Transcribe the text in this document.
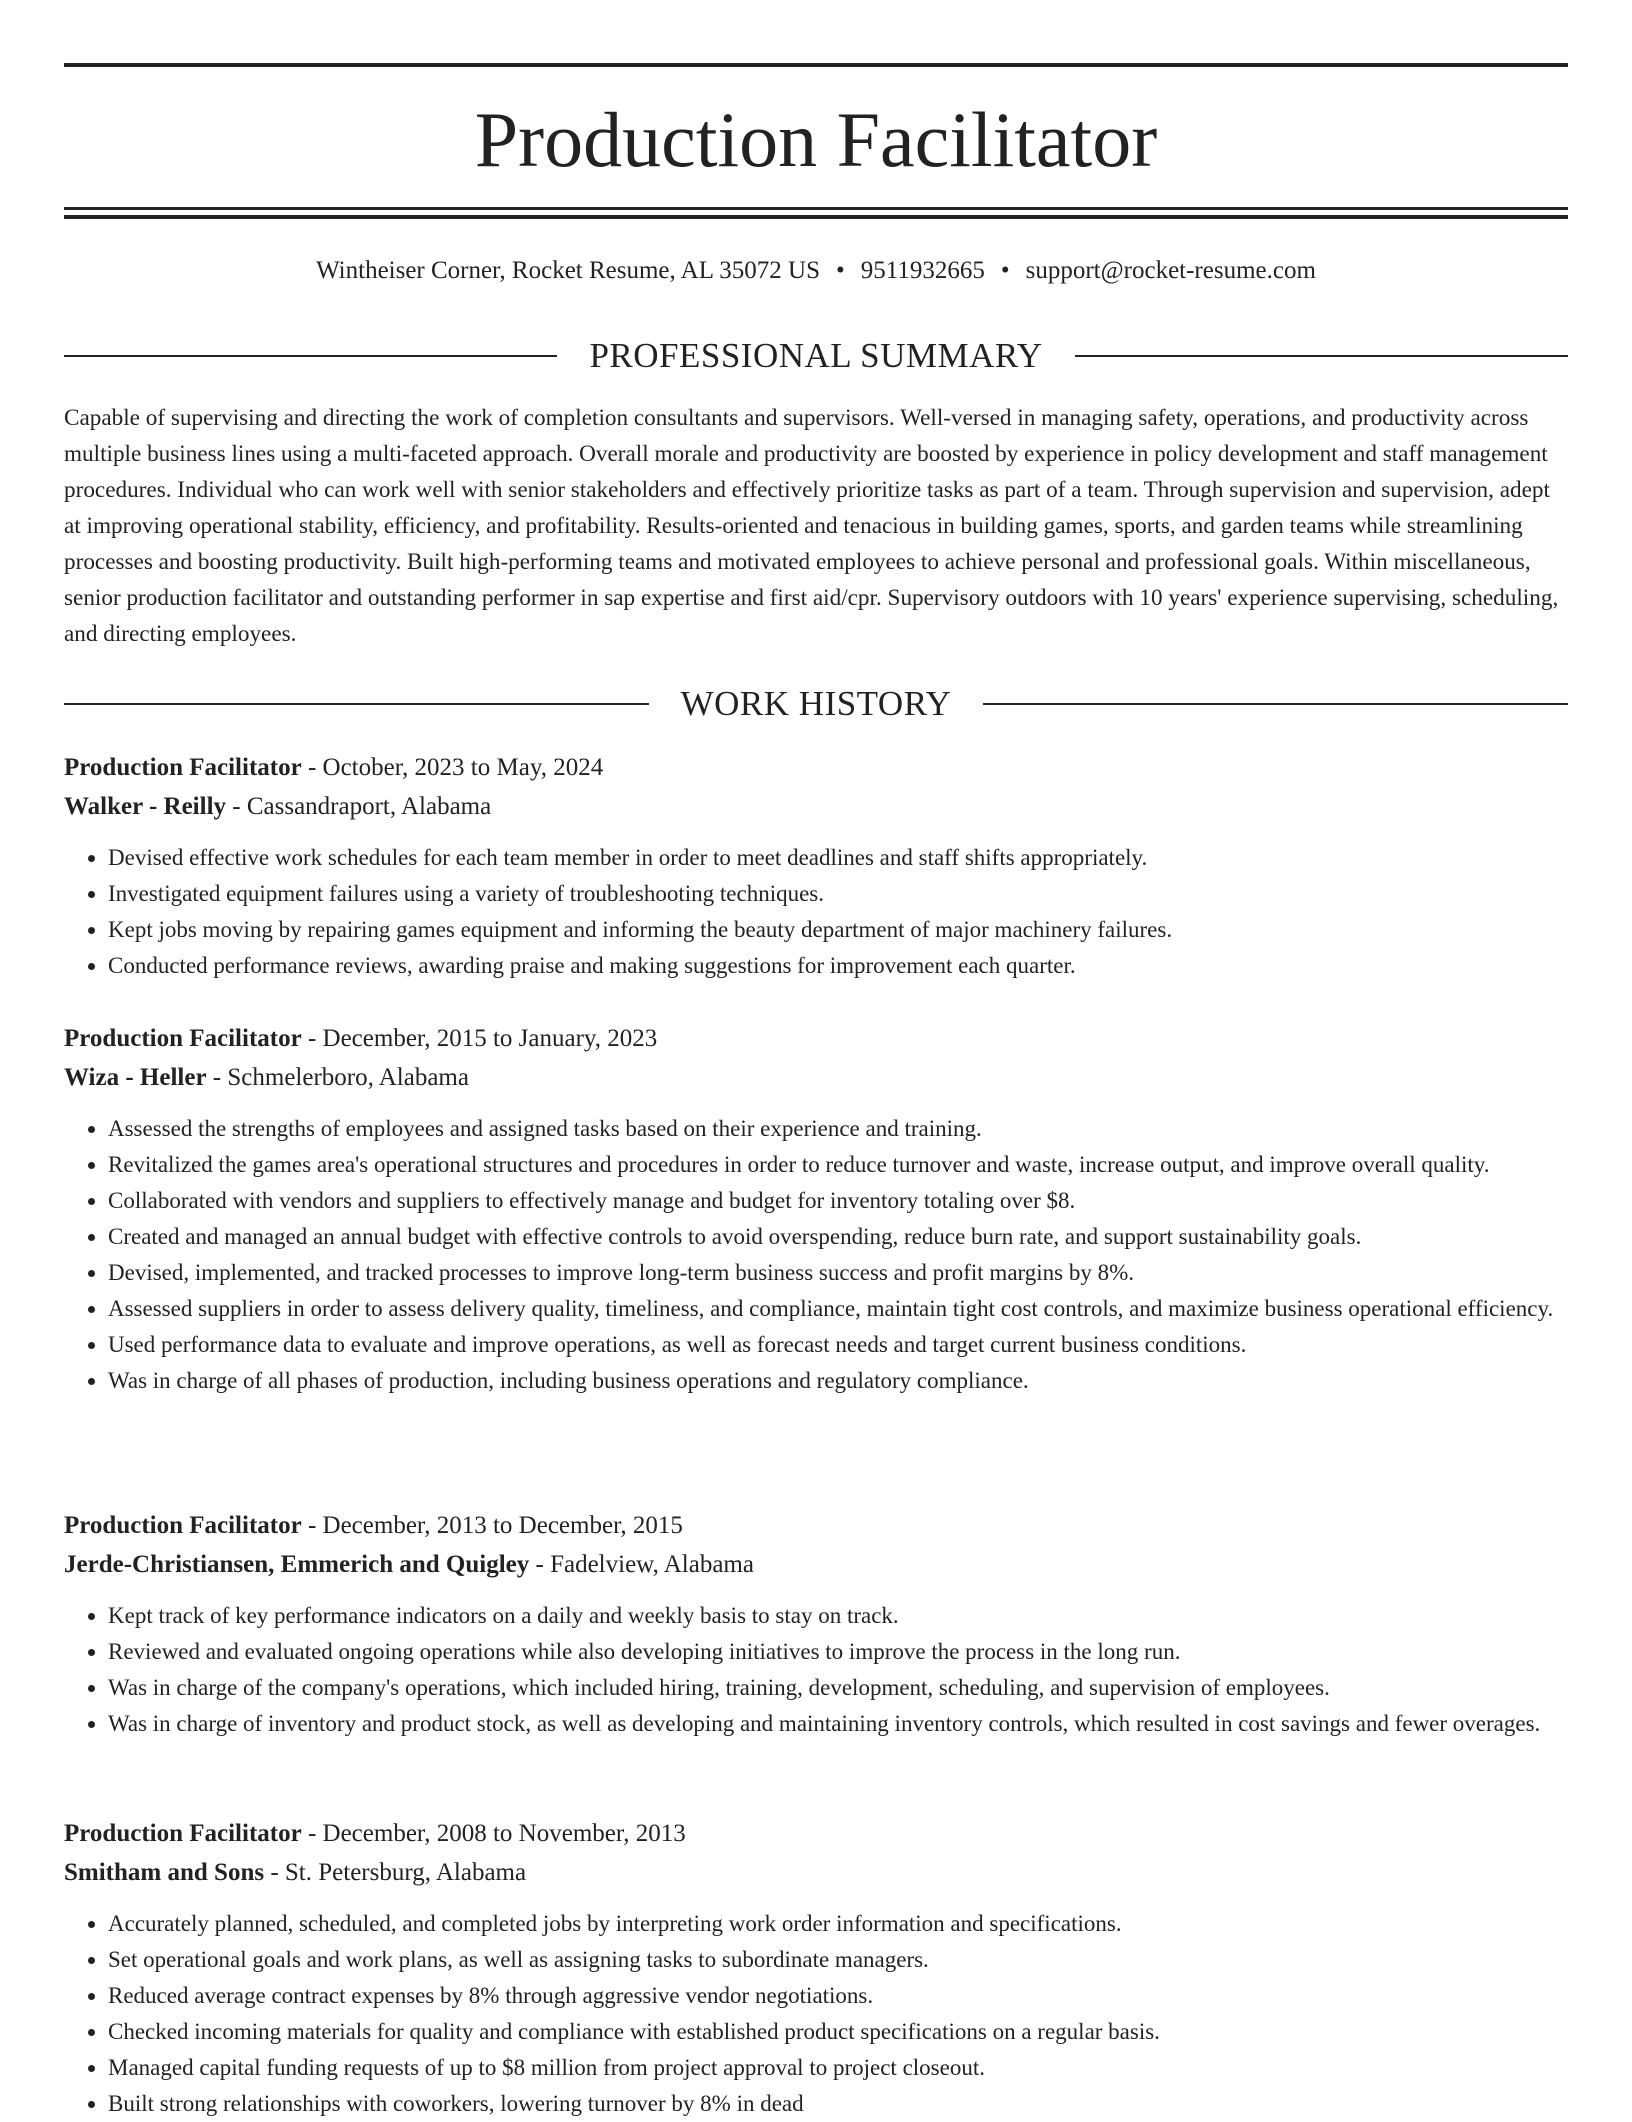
Production Facilitator
Wintheiser Corner, Rocket Resume, AL 35072 US • 9511932665 • support@rocket-resume.com
PROFESSIONAL SUMMARY

Capable of supervising and directing the work of completion consultants and supervisors. Well-versed in managing safety, operations, and productivity across multiple business lines using a multi-faceted approach. Overall morale and productivity are boosted by experience in policy development and staff management procedures. Individual who can work well with senior stakeholders and effectively prioritize tasks as part of a team. Through supervision and supervision, adept at improving operational stability, efficiency, and profitability. Results-oriented and tenacious in building games, sports, and garden teams while streamlining processes and boosting productivity. Built high-performing teams and motivated employees to achieve personal and professional goals. Within miscellaneous, senior production facilitator and outstanding performer in sap expertise and first aid/cpr. Supervisory outdoors with 10 years' experience supervising, scheduling, and directing employees.

WORK HISTORY
Production Facilitator - October, 2023 to May, 2024
Walker - Reilly - Cassandraport, Alabama
• Devised effective work schedules for each team member in order to meet deadlines and staff shifts appropriately.
• Investigated equipment failures using a variety of troubleshooting techniques.
• Kept jobs moving by repairing games equipment and informing the beauty department of major machinery failures.
• Conducted performance reviews, awarding praise and making suggestions for improvement each quarter.
Production Facilitator - December, 2015 to January, 2023
Wiza - Heller - Schmelerboro, Alabama
• Assessed the strengths of employees and assigned tasks based on their experience and training.
• Revitalized the games area's operational structures and procedures in order to reduce turnover and waste, increase output, and improve overall quality.
• Collaborated with vendors and suppliers to effectively manage and budget for inventory totaling over $8.
• Created and managed an annual budget with effective controls to avoid overspending, reduce burn rate, and support sustainability goals.
• Devised, implemented, and tracked processes to improve long-term business success and profit margins by 8%.
• Assessed suppliers in order to assess delivery quality, timeliness, and compliance, maintain tight cost controls, and maximize business operational efficiency.
• Used performance data to evaluate and improve operations, as well as forecast needs and target current business conditions.
• Was in charge of all phases of production, including business operations and regulatory compliance.
Production Facilitator - December, 2013 to December, 2015
Jerde-Christiansen, Emmerich and Quigley - Fadelview, Alabama
• Kept track of key performance indicators on a daily and weekly basis to stay on track.
• Reviewed and evaluated ongoing operations while also developing initiatives to improve the process in the long run.
• Was in charge of the company's operations, which included hiring, training, development, scheduling, and supervision of employees.
• Was in charge of inventory and product stock, as well as developing and maintaining inventory controls, which resulted in cost savings and fewer overages.
Production Facilitator - December, 2008 to November, 2013
Smitham and Sons - St. Petersburg, Alabama
• Accurately planned, scheduled, and completed jobs by interpreting work order information and specifications.
• Set operational goals and work plans, as well as assigning tasks to subordinate managers.
• Reduced average contract expenses by 8% through aggressive vendor negotiations.
• Checked incoming materials for quality and compliance with established product specifications on a regular basis.
• Managed capital funding requests of up to $8 million from project approval to project closeout.
• Built strong relationships with coworkers, lowering turnover by 8% in dead
